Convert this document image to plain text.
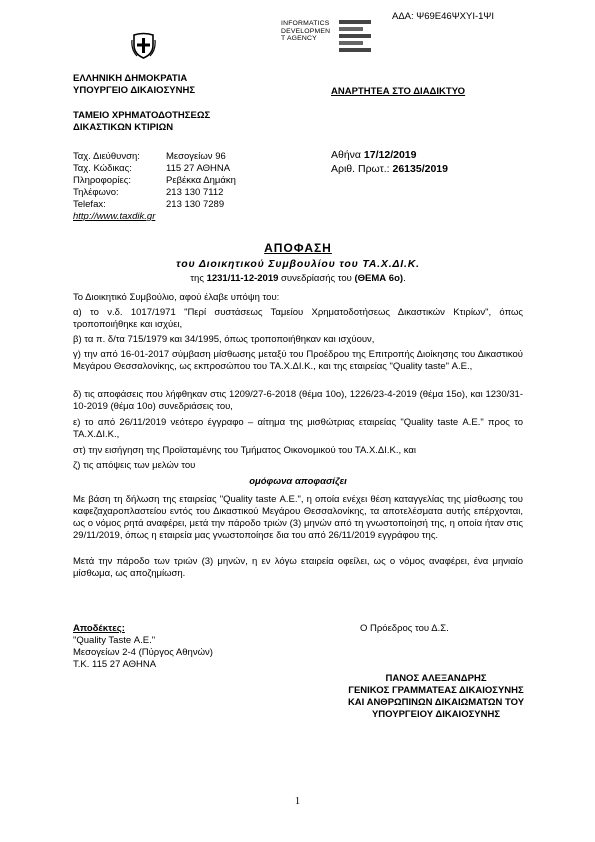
ΑΔΑ: Ψ69Ε46ΨΧΥΙ-1ΨΙ
INFORMATICS
DEVELOPMEN
T AGENCY
ΕΛΛΗΝΙΚΗ ΔΗΜΟΚΡΑΤΙΑ
ΥΠΟΥΡΓΕΙΟ ΔΙΚΑΙΟΣΥΝΗΣ	ΑΝΑΡΤΗΤΕΑ ΣΤΟ ΔΙΑΔΙΚΤΥΟ
ΤΑΜΕΙΟ ΧΡΗΜΑΤΟΔΟΤΗΣΕΩΣ
ΔΙΚΑΣΤΙΚΩΝ ΚΤΙΡΙΩΝ
Ταχ. Διεύθυνση:	Μεσογείων 96
Ταχ. Κώδικας:	115 27 ΑΘΗΝΑ
Πληροφορίες:	Ρεβέκκα Δημάκη
Τηλέφωνο:	213 130 7112
Telefax:	213 130 7289
http://www.taxdik.gr
Αθήνα 17/12/2019
Αριθ. Πρωτ.: 26135/2019
ΑΠΟΦΑΣΗ
του Διοικητικού Συμβουλίου του ΤΑ.Χ.ΔΙ.Κ.
της 1231/11-12-2019 συνεδρίασής του (ΘΕΜΑ 6ο).
Το Διοικητικό Συμβούλιο, αφού έλαβε υπόψη του:
α) το ν.δ. 1017/1971 "Περί συστάσεως Ταμείου Χρηματοδοτήσεως Δικαστικών Κτιρίων", όπως τροποποιήθηκε και ισχύει,
β) τα π. δ/τα 715/1979 και 34/1995, όπως τροποποιήθηκαν και ισχύουν,
γ) την από 16-01-2017 σύμβαση μίσθωσης μεταξύ του Προέδρου της Επιτροπής Διοίκησης του Δικαστικού Μεγάρου Θεσσαλονίκης, ως εκπροσώπου του ΤΑ.Χ.ΔΙ.Κ., και της εταιρείας "Quality taste" Α.Ε.,
δ) τις αποφάσεις που λήφθηκαν στις 1209/27-6-2018 (θέμα 10ο), 1226/23-4-2019 (θέμα 15ο), και 1230/31-10-2019 (θέμα 10ο) συνεδριάσεις του,
ε) το από 26/11/2019 νεότερο έγγραφο – αίτημα της μισθώτριας εταιρείας "Quality taste Α.Ε." προς το ΤΑ.Χ.ΔΙ.Κ.,
στ) την εισήγηση της Προϊσταμένης του Τμήματος Οικονομικού του ΤΑ.Χ.ΔΙ.Κ., και
ζ) τις απόψεις των μελών του
ομόφωνα αποφασίζει
Με βάση τη δήλωση της εταιρείας "Quality taste Α.Ε.", η οποία ενέχει θέση καταγγελίας της μίσθωσης του καφεζαχαροπλαστείου εντός του Δικαστικού Μεγάρου Θεσσαλονίκης, τα αποτελέσματα αυτής επέρχονται, ως ο νόμος ρητά αναφέρει, μετά την πάροδο τριών (3) μηνών από τη γνωστοποίησή της, η οποία ήταν στις 29/11/2019, όπως η εταιρεία μας γνωστοποίησε δια του από 26/11/2019 εγγράφου της.
Μετά την πάροδο των τριών (3) μηνών, η εν λόγω εταιρεία οφείλει, ως ο νόμος αναφέρει, ένα μηνιαίο μίσθωμα, ως αποζημίωση.
Αποδέκτες:
"Quality Taste Α.Ε."
Μεσογείων 2-4 (Πύργος Αθηνών)
Τ.Κ. 115 27 ΑΘΗΝΑ
Ο Πρόεδρος του Δ.Σ.
ΠΑΝΟΣ ΑΛΕΞΑΝΔΡΗΣ
ΓΕΝΙΚΟΣ ΓΡΑΜΜΑΤΕΑΣ ΔΙΚΑΙΟΣΥΝΗΣ
ΚΑΙ ΑΝΘΡΩΠΙΝΩΝ ΔΙΚΑΙΩΜΑΤΩΝ ΤΟΥ
ΥΠΟΥΡΓΕΙΟΥ ΔΙΚΑΙΟΣΥΝΗΣ
1
